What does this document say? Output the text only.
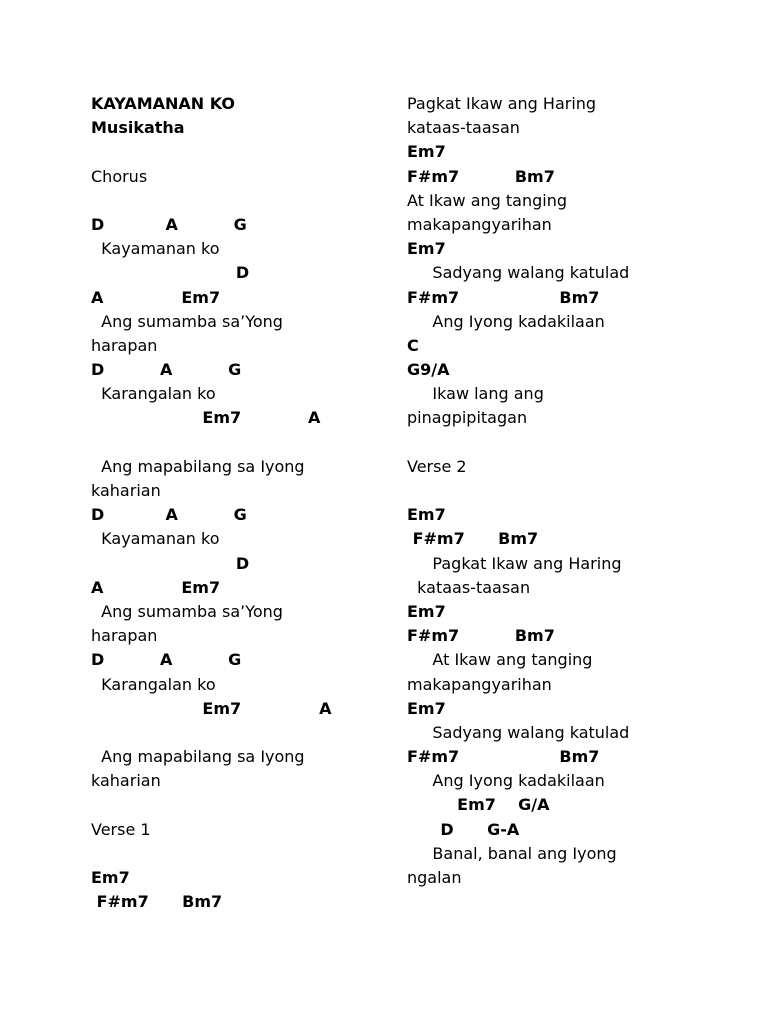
KAYAMANAN KO
Musikatha
Chorus
D           A          G
Kayamanan ko
D
A              Em7
Ang sumamba sa’Yong
harapan
D          A          G
Karangalan ko
Em7            A
Ang mapabilang sa Iyong
kaharian
D           A          G
Kayamanan ko
D
A              Em7
Ang sumamba sa’Yong
harapan
D          A          G
Karangalan ko
Em7              A
Ang mapabilang sa Iyong
kaharian
Verse 1
Em7
F#m7      Bm7
Pagkat Ikaw ang Haring
kataas-taasan
Em7
F#m7          Bm7
At Ikaw ang tanging
makapangyarihan
Em7
Sadyang walang katulad
F#m7                  Bm7
Ang Iyong kadakilaan
C
G9/A
Ikaw lang ang
pinagpipitagan
Verse 2
Em7
F#m7      Bm7
Pagkat Ikaw ang Haring
kataas-taasan
Em7
F#m7          Bm7
At Ikaw ang tanging
makapangyarihan
Em7
Sadyang walang katulad
F#m7                  Bm7
Ang Iyong kadakilaan
Em7    G/A
D      G-A
Banal, banal ang Iyong
ngalan
